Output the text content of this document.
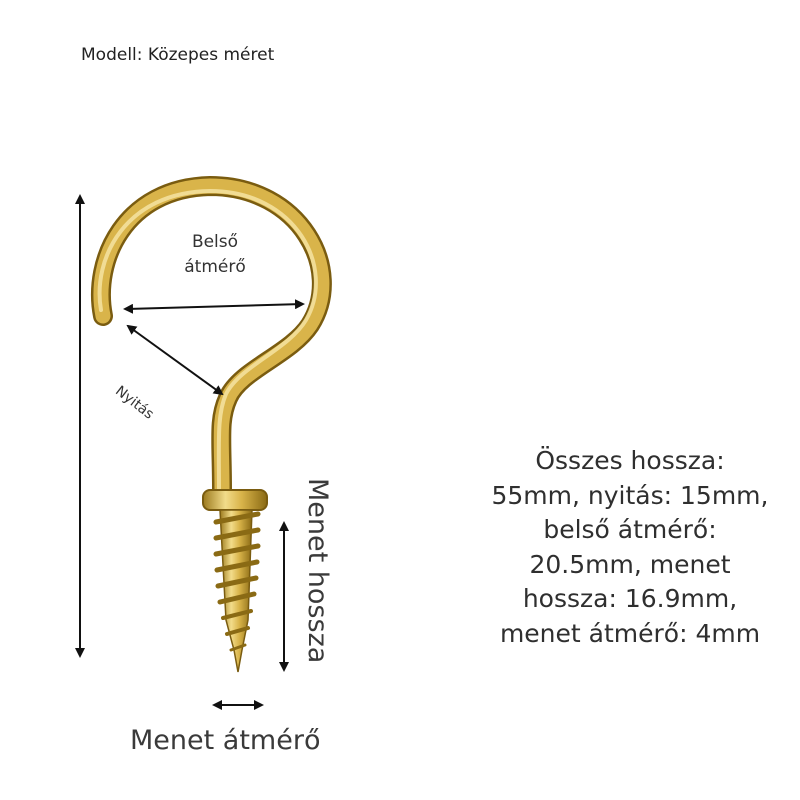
Modell: Közepes méret
Belső
átmérő
Nyitás
Menet hossza
Menet átmérő
Összes hossza:
55mm, nyitás: 15mm,
belső átmérő:
20.5mm, menet
hossza: 16.9mm,
menet átmérő: 4mm
